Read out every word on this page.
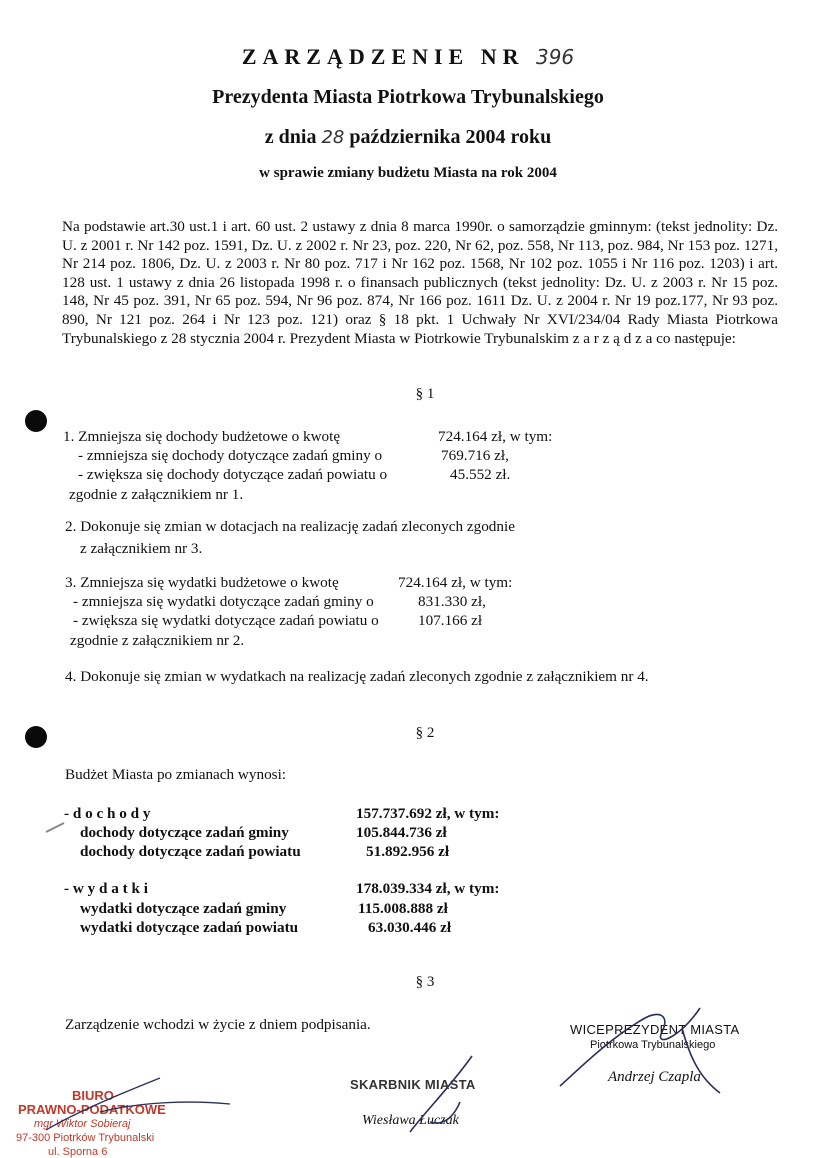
ZARZĄDZENIE NR 396
Prezydenta Miasta Piotrkowa Trybunalskiego
z dnia 28 października 2004 roku
w sprawie zmiany budżetu Miasta na rok 2004
Na podstawie art.30 ust.1 i art. 60 ust. 2 ustawy z dnia 8 marca 1990r. o samorządzie gminnym: (tekst jednolity: Dz. U. z 2001 r. Nr 142 poz. 1591, Dz. U. z 2002 r. Nr 23, poz. 220, Nr 62, poz. 558, Nr 113, poz. 984, Nr 153 poz. 1271, Nr 214 poz. 1806, Dz. U. z 2003 r. Nr 80 poz. 717 i Nr 162 poz. 1568, Nr 102 poz. 1055 i Nr 116 poz. 1203) i art. 128 ust. 1 ustawy z dnia 26 listopada 1998 r. o finansach publicznych (tekst jednolity: Dz. U. z 2003 r. Nr 15 poz. 148, Nr 45 poz. 391, Nr 65 poz. 594, Nr 96 poz. 874, Nr 166 poz. 1611 Dz. U. z 2004 r. Nr 19 poz.177, Nr 93 poz. 890, Nr 121 poz. 264 i Nr 123 poz. 121) oraz § 18 pkt. 1 Uchwały Nr XVI/234/04 Rady Miasta Piotrkowa Trybunalskiego z 28 stycznia 2004 r. Prezydent Miasta w Piotrkowie Trybunalskim z a r z ą d z a co następuje:
§ 1
1. Zmniejsza się dochody budżetowe o kwotę	724.164 zł, w tym:
- zmniejsza się dochody dotyczące zadań gminy o	769.716 zł,
- zwiększa się dochody dotyczące zadań powiatu o	45.552 zł.
zgodnie z załącznikiem nr 1.
2. Dokonuje się zmian w dotacjach na realizację zadań zleconych zgodnie
z załącznikiem nr 3.
3. Zmniejsza się wydatki budżetowe o kwotę	724.164 zł, w tym:
- zmniejsza się wydatki dotyczące zadań gminy o	831.330 zł,
- zwiększa się wydatki dotyczące zadań powiatu o	107.166 zł
zgodnie z załącznikiem nr 2.
4. Dokonuje się zmian w wydatkach na realizację zadań zleconych zgodnie z załącznikiem nr 4.
§ 2
Budżet Miasta po zmianach wynosi:
- d o c h o d y	157.737.692 zł, w tym:
dochody dotyczące zadań gminy	105.844.736 zł
dochody dotyczące zadań powiatu	51.892.956 zł
- w y d a t k i	178.039.334 zł, w tym:
wydatki dotyczące zadań gminy	115.008.888 zł
wydatki dotyczące zadań powiatu	63.030.446 zł
§ 3
Zarządzenie wchodzi w życie z dniem podpisania.	WICEPREZYDENT MIASTA
Piotrkowa Trybunalskiego
Andrzej Czapla
SKARBNIK MIASTA
Wiesława Łuczak
BIURO
PRAWNO-PODATKOWE
mgr Wiktor Sobieraj
97-300 Piotrków Trybunalski
ul. Sporna 6
